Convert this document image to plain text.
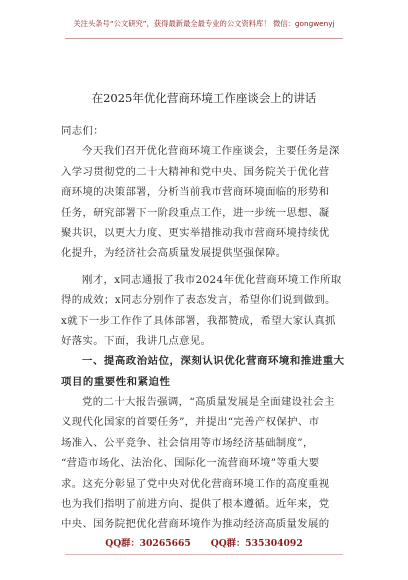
关注头条号“公文研究”，获得最新最全最专业的公文资料库！ 微信：gongwenyj
在2025年优化营商环境工作座谈会上的讲话
同志们：
今天我们召开优化营商环境工作座谈会，主要任务是深
入学习贯彻党的二十大精神和党中央、国务院关于优化营
商环境的决策部署，分析当前我市营商环境面临的形势和
任务，研究部署下一阶段重点工作，进一步统一思想、凝
聚共识，以更大力度、更实举措推动我市营商环境持续优
化提升，为经济社会高质量发展提供坚强保障。
刚才，x同志通报了我市2024年优化营商环境工作所取
得的成效；x同志分别作了表态发言，希望你们说到做到。
x就下一步工作作了具体部署，我都赞成，希望大家认真抓
好落实。下面，我讲几点意见。
一、提高政治站位，深刻认识优化营商环境和推进重大
项目的重要性和紧迫性
党的二十大报告强调，“高质量发展是全面建设社会主
义现代化国家的首要任务”，并提出“完善产权保护、市
场准入、公平竞争、社会信用等市场经济基础制度”，
“营造市场化、法治化、国际化一流营商环境”等重大要
求。这充分彰显了党中央对优化营商环境工作的高度重视
也为我们指明了前进方向、提供了根本遵循。近年来，党
中央、国务院把优化营商环境作为推动经济高质量发展的
QQ群：30265665 QQ群：535304092
